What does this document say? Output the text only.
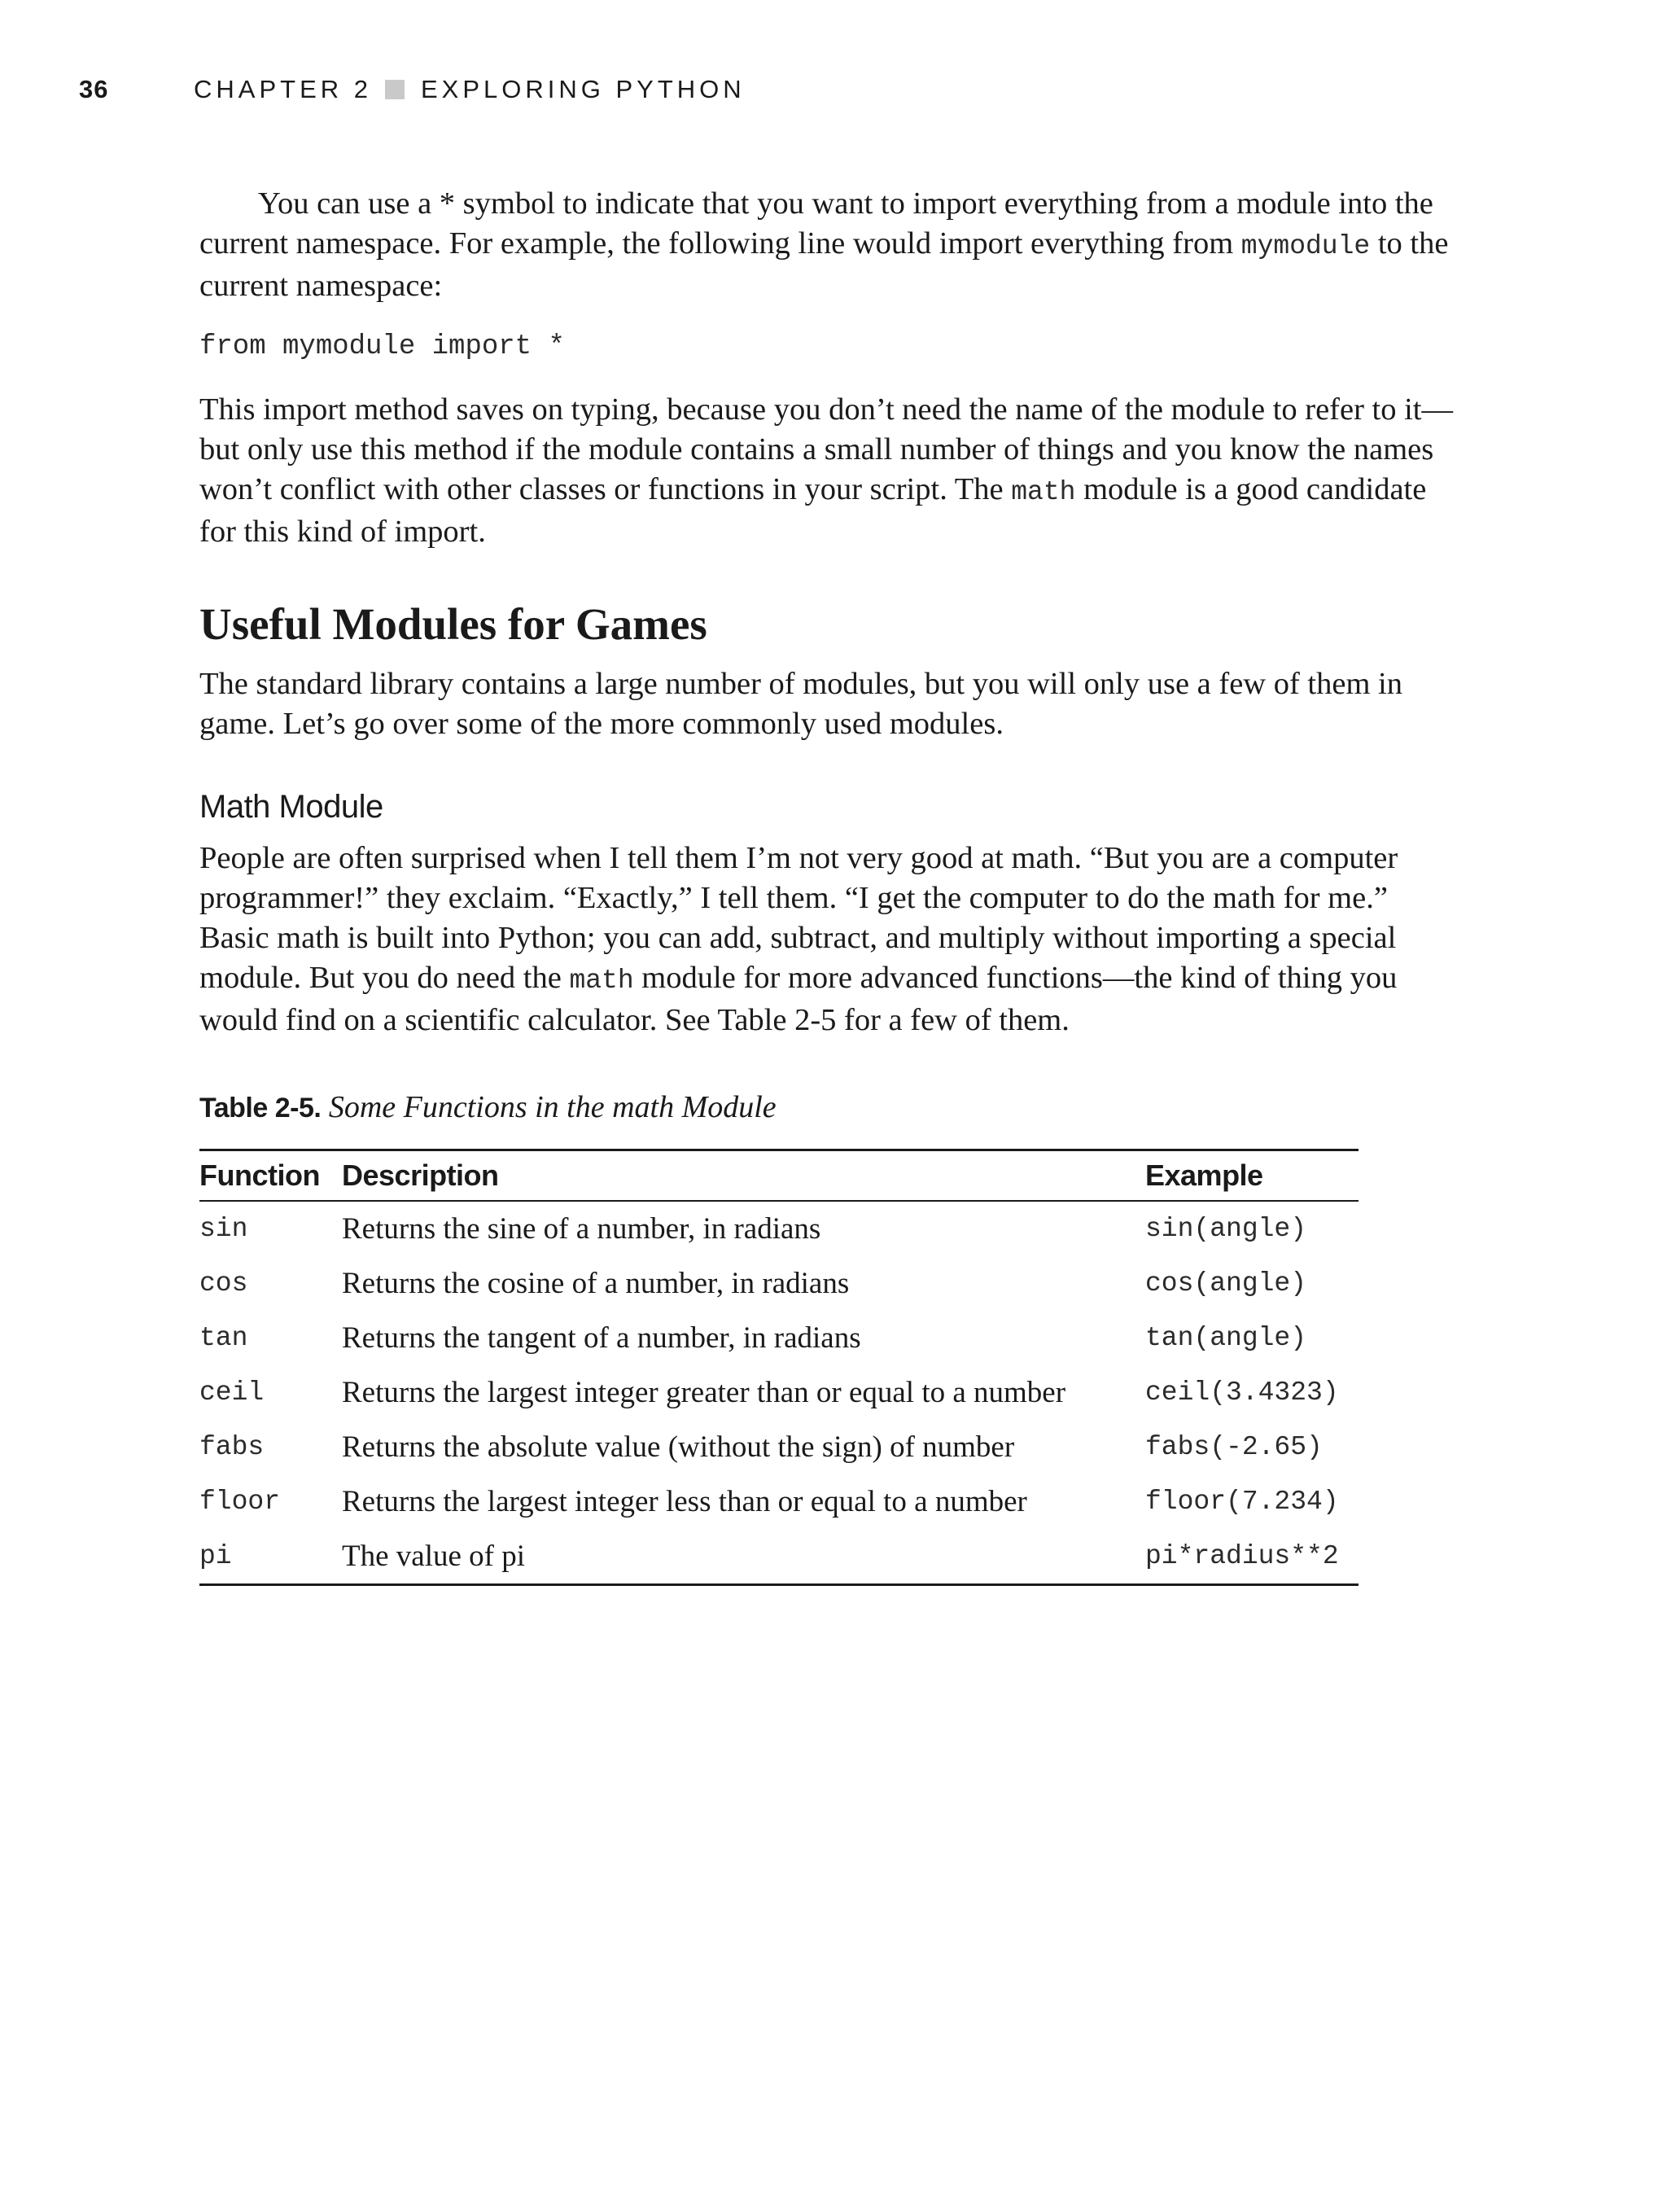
36	CHAPTER 2 EXPLORING PYTHON

You can use a * symbol to indicate that you want to import everything from a module into the current namespace. For example, the following line would import everything from mymodule to the current namespace:

from mymodule import *

This import method saves on typing, because you don’t need the name of the module to refer to it—but only use this method if the module contains a small number of things and you know the names won’t conflict with other classes or functions in your script. The math module is a good candidate for this kind of import.

Useful Modules for Games

The standard library contains a large number of modules, but you will only use a few of them in game. Let’s go over some of the more commonly used modules.

Math Module

People are often surprised when I tell them I’m not very good at math. “But you are a computer programmer!” they exclaim. “Exactly,” I tell them. “I get the computer to do the math for me.” Basic math is built into Python; you can add, subtract, and multiply without importing a special module. But you do need the math module for more advanced functions—the kind of thing you would find on a scientific calculator. See Table 2-5 for a few of them.

Table 2-5. Some Functions in the math Module
Function	Description	Example
sin	Returns the sine of a number, in radians	sin(angle)
cos	Returns the cosine of a number, in radians	cos(angle)
tan	Returns the tangent of a number, in radians	tan(angle)
ceil	Returns the largest integer greater than or equal to a number	ceil(3.4323)
fabs	Returns the absolute value (without the sign) of number	fabs(-2.65)
floor	Returns the largest integer less than or equal to a number	floor(7.234)
pi	The value of pi	pi*radius**2
